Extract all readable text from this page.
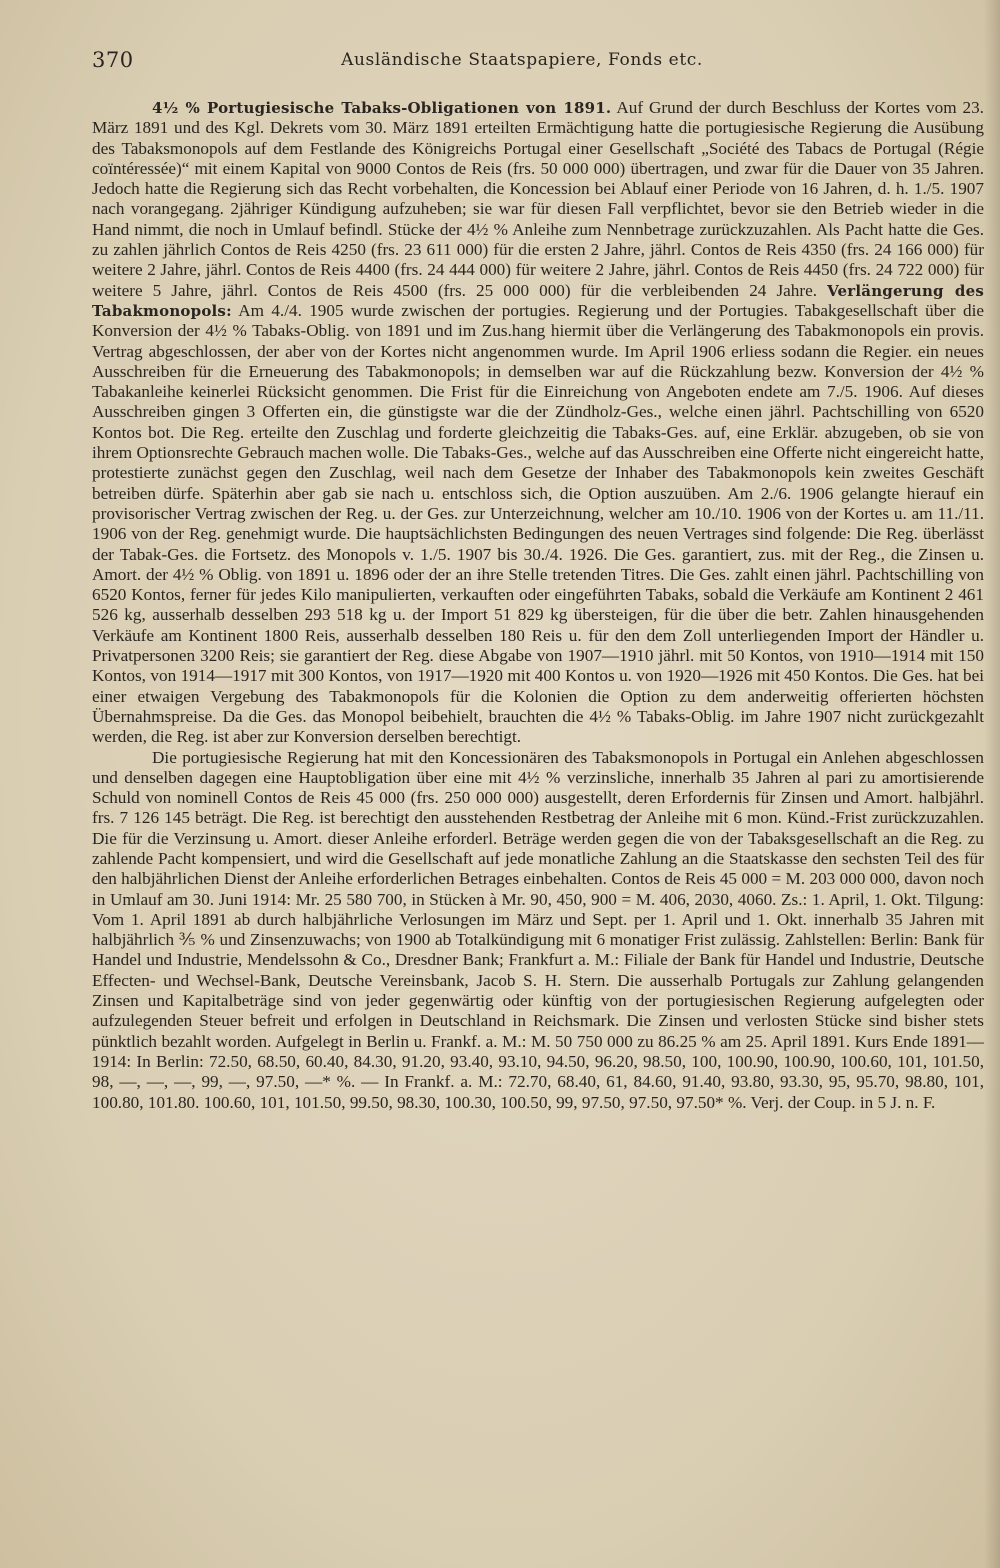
370	Ausländische Staatspapiere, Fonds etc.

4½ % Portugiesische Tabaks-Obligationen von 1891. Auf Grund der durch Beschluss der Kortes vom 23. März 1891 und des Kgl. Dekrets vom 30. März 1891 erteilten Ermächtigung hatte die portugiesische Regierung die Ausübung des Tabaksmonopols auf dem Festlande des Königreichs Portugal einer Gesellschaft „Société des Tabacs de Portugal (Régie coïntéressée)“ mit einem Kapital von 9000 Contos de Reis (frs. 50 000 000) übertragen, und zwar für die Dauer von 35 Jahren. Jedoch hatte die Regierung sich das Recht vorbehalten, die Koncession bei Ablauf einer Periode von 16 Jahren, d. h. 1./5. 1907 nach vorangegang. 2jähriger Kündigung aufzuheben; sie war für diesen Fall verpflichtet, bevor sie den Betrieb wieder in die Hand nimmt, die noch in Umlauf befindl. Stücke der 4½ % Anleihe zum Nennbetrage zurückzuzahlen. Als Pacht hatte die Ges. zu zahlen jährlich Contos de Reis 4250 (frs. 23 611 000) für die ersten 2 Jahre, jährl. Contos de Reis 4350 (frs. 24 166 000) für weitere 2 Jahre, jährl. Contos de Reis 4400 (frs. 24 444 000) für weitere 2 Jahre, jährl. Contos de Reis 4450 (frs. 24 722 000) für weitere 5 Jahre, jährl. Contos de Reis 4500 (frs. 25 000 000) für die verbleibenden 24 Jahre. Verlängerung des Tabakmonopols: Am 4./4. 1905 wurde zwischen der portugies. Regierung und der Portugies. Tabakgesellschaft über die Konversion der 4½ % Tabaks-Oblig. von 1891 und im Zus.hang hiermit über die Verlängerung des Tabakmonopols ein provis. Vertrag abgeschlossen, der aber von der Kortes nicht angenommen wurde. Im April 1906 erliess sodann die Regier. ein neues Ausschreiben für die Erneuerung des Tabakmonopols; in demselben war auf die Rückzahlung bezw. Konversion der 4½ % Tabakanleihe keinerlei Rücksicht genommen. Die Frist für die Einreichung von Angeboten endete am 7./5. 1906. Auf dieses Ausschreiben gingen 3 Offerten ein, die günstigste war die der Zündholz-Ges., welche einen jährl. Pachtschilling von 6520 Kontos bot. Die Reg. erteilte den Zuschlag und forderte gleichzeitig die Tabaks-Ges. auf, eine Erklär. abzugeben, ob sie von ihrem Optionsrechte Gebrauch machen wolle. Die Tabaks-Ges., welche auf das Ausschreiben eine Offerte nicht eingereicht hatte, protestierte zunächst gegen den Zuschlag, weil nach dem Gesetze der Inhaber des Tabakmonopols kein zweites Geschäft betreiben dürfe. Späterhin aber gab sie nach u. entschloss sich, die Option auszuüben. Am 2./6. 1906 gelangte hierauf ein provisorischer Vertrag zwischen der Reg. u. der Ges. zur Unterzeichnung, welcher am 10./10. 1906 von der Kortes u. am 11./11. 1906 von der Reg. genehmigt wurde. Die hauptsächlichsten Bedingungen des neuen Vertrages sind folgende: Die Reg. überlässt der Tabak-Ges. die Fortsetz. des Monopols v. 1./5. 1907 bis 30./4. 1926. Die Ges. garantiert, zus. mit der Reg., die Zinsen u. Amort. der 4½ % Oblig. von 1891 u. 1896 oder der an ihre Stelle tretenden Titres. Die Ges. zahlt einen jährl. Pachtschilling von 6520 Kontos, ferner für jedes Kilo manipulierten, verkauften oder eingeführten Tabaks, sobald die Verkäufe am Kontinent 2 461 526 kg, ausserhalb desselben 293 518 kg u. der Import 51 829 kg übersteigen, für die über die betr. Zahlen hinausgehenden Verkäufe am Kontinent 1800 Reis, ausserhalb desselben 180 Reis u. für den dem Zoll unterliegenden Import der Händler u. Privatpersonen 3200 Reis; sie garantiert der Reg. diese Abgabe von 1907—1910 jährl. mit 50 Kontos, von 1910—1914 mit 150 Kontos, von 1914—1917 mit 300 Kontos, von 1917—1920 mit 400 Kontos u. von 1920—1926 mit 450 Kontos. Die Ges. hat bei einer etwaigen Vergebung des Tabakmonopols für die Kolonien die Option zu dem anderweitig offerierten höchsten Übernahmspreise. Da die Ges. das Monopol beibehielt, brauchten die 4½ % Tabaks-Oblig. im Jahre 1907 nicht zurückgezahlt werden, die Reg. ist aber zur Konversion derselben berechtigt.

Die portugiesische Regierung hat mit den Koncessionären des Tabaksmonopols in Portugal ein Anlehen abgeschlossen und denselben dagegen eine Hauptobligation über eine mit 4½ % verzinsliche, innerhalb 35 Jahren al pari zu amortisierende Schuld von nominell Contos de Reis 45 000 (frs. 250 000 000) ausgestellt, deren Erfordernis für Zinsen und Amort. halbjährl. frs. 7 126 145 beträgt. Die Reg. ist berechtigt den ausstehenden Restbetrag der Anleihe mit 6 mon. Künd.-Frist zurückzuzahlen. Die für die Verzinsung u. Amort. dieser Anleihe erforderl. Beträge werden gegen die von der Tabaksgesellschaft an die Reg. zu zahlende Pacht kompensiert, und wird die Gesellschaft auf jede monatliche Zahlung an die Staatskasse den sechsten Teil des für den halbjährlichen Dienst der Anleihe erforderlichen Betrages einbehalten. Contos de Reis 45 000 = M. 203 000 000, davon noch in Umlauf am 30. Juni 1914: Mr. 25 580 700, in Stücken à Mr. 90, 450, 900 = M. 406, 2030, 4060. Zs.: 1. April, 1. Okt. Tilgung: Vom 1. April 1891 ab durch halbjährliche Verlosungen im März und Sept. per 1. April und 1. Okt. innerhalb 35 Jahren mit halbjährlich ⅗ % und Zinsenzuwachs; von 1900 ab Totalkündigung mit 6 monatiger Frist zulässig. Zahlstellen: Berlin: Bank für Handel und Industrie, Mendelssohn & Co., Dresdner Bank; Frankfurt a. M.: Filiale der Bank für Handel und Industrie, Deutsche Effecten- und Wechsel-Bank, Deutsche Vereinsbank, Jacob S. H. Stern. Die ausserhalb Portugals zur Zahlung gelangenden Zinsen und Kapitalbeträge sind von jeder gegenwärtig oder künftig von der portugiesischen Regierung aufgelegten oder aufzulegenden Steuer befreit und erfolgen in Deutschland in Reichsmark. Die Zinsen und verlosten Stücke sind bisher stets pünktlich bezahlt worden. Aufgelegt in Berlin u. Frankf. a. M.: M. 50 750 000 zu 86.25 % am 25. April 1891. Kurs Ende 1891—1914: In Berlin: 72.50, 68.50, 60.40, 84.30, 91.20, 93.40, 93.10, 94.50, 96.20, 98.50, 100, 100.90, 100.90, 100.60, 101, 101.50, 98, —, —, —, 99, —, 97.50, —* %. — In Frankf. a. M.: 72.70, 68.40, 61, 84.60, 91.40, 93.80, 93.30, 95, 95.70, 98.80, 101, 100.80, 101.80. 100.60, 101, 101.50, 99.50, 98.30, 100.30, 100.50, 99, 97.50, 97.50, 97.50* %. Verj. der Coup. in 5 J. n. F.
